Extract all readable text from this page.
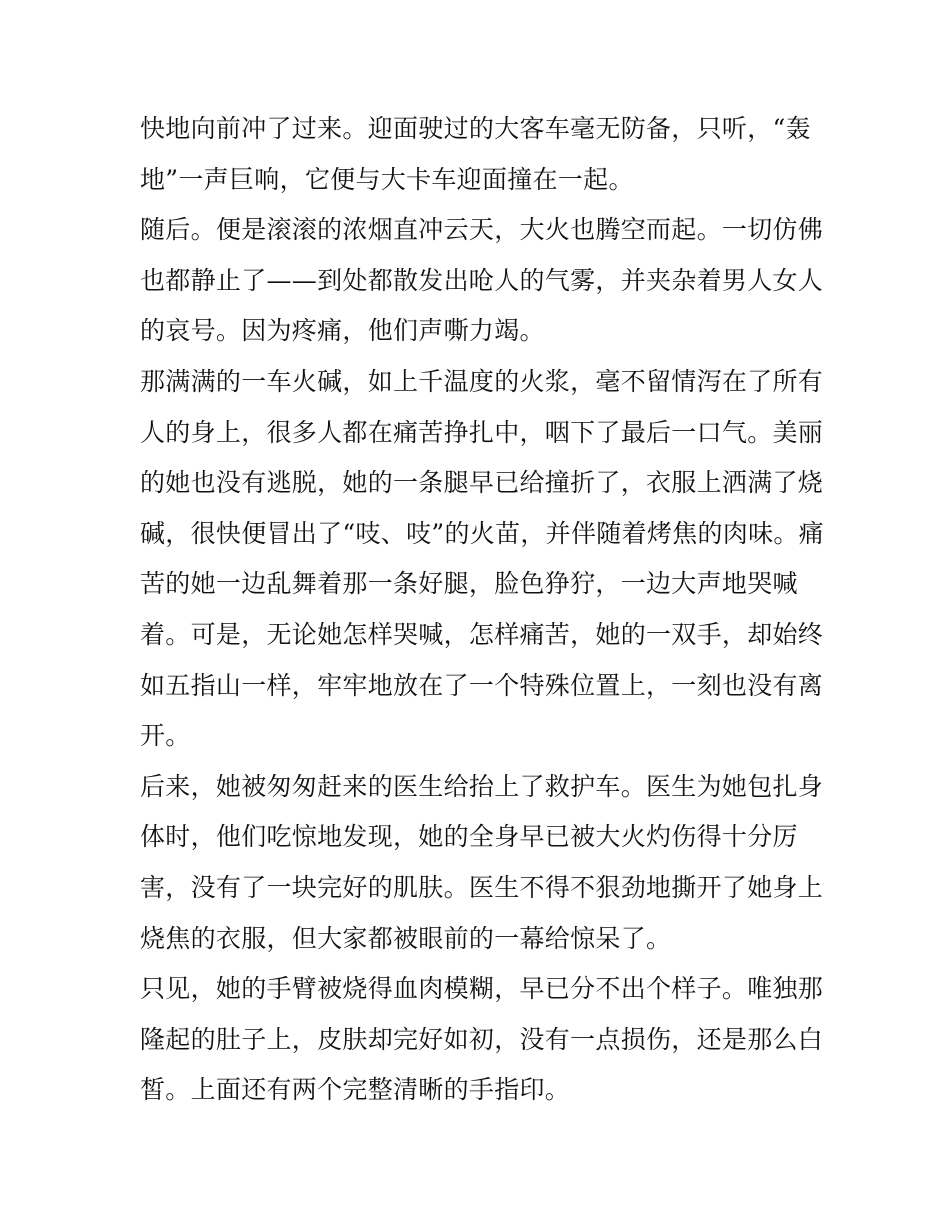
快地向前冲了过来。迎面驶过的大客车毫无防备，只听，“轰
地”一声巨响，它便与大卡车迎面撞在一起。
随后。便是滚滚的浓烟直冲云天，大火也腾空而起。一切仿佛
也都静止了——到处都散发出呛人的气雾，并夹杂着男人女人
的哀号。因为疼痛，他们声嘶力竭。
那满满的一车火碱，如上千温度的火浆，毫不留情泻在了所有
人的身上，很多人都在痛苦挣扎中，咽下了最后一口气。美丽
的她也没有逃脱，她的一条腿早已给撞折了，衣服上洒满了烧
碱，很快便冒出了“吱、吱”的火苗，并伴随着烤焦的肉味。痛
苦的她一边乱舞着那一条好腿，脸色狰狞，一边大声地哭喊
着。可是，无论她怎样哭喊，怎样痛苦，她的一双手，却始终
如五指山一样，牢牢地放在了一个特殊位置上，一刻也没有离
开。
后来，她被匆匆赶来的医生给抬上了救护车。医生为她包扎身
体时，他们吃惊地发现，她的全身早已被大火灼伤得十分厉
害，没有了一块完好的肌肤。医生不得不狠劲地撕开了她身上
烧焦的衣服，但大家都被眼前的一幕给惊呆了。
只见，她的手臂被烧得血肉模糊，早已分不出个样子。唯独那
隆起的肚子上，皮肤却完好如初，没有一点损伤，还是那么白
皙。上面还有两个完整清晰的手指印。
